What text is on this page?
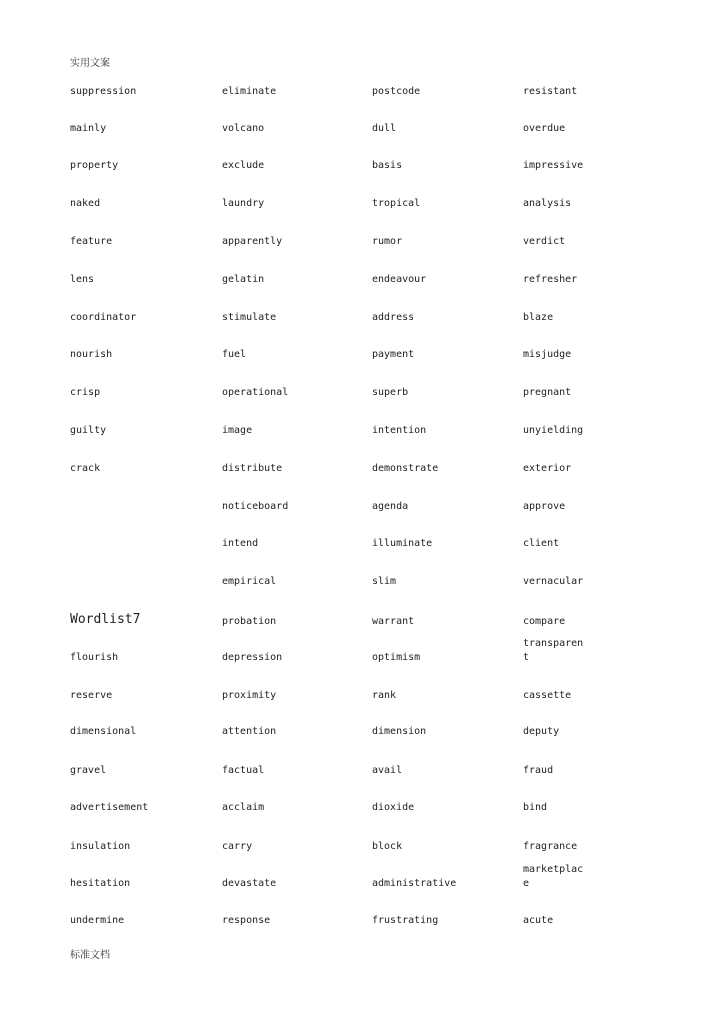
实用文案
Wordlist7
suppression
mainly
property
naked
feature
lens
coordinator
nourish
crisp
guilty
crack
flourish
reserve
dimensional
gravel
advertisement
insulation
hesitation
undermine
eliminate
volcano
exclude
laundry
apparently
gelatin
stimulate
fuel
operational
image
distribute
noticeboard
intend
empirical
probation
depression
proximity
attention
factual
acclaim
carry
devastate
response
postcode
dull
basis
tropical
rumor
endeavour
address
payment
superb
intention
demonstrate
agenda
illuminate
slim
warrant
optimism
rank
dimension
avail
dioxide
block
administrative
frustrating
resistant
overdue
impressive
analysis
verdict
refresher
blaze
misjudge
pregnant
unyielding
exterior
approve
client
vernacular
compare
transparent
cassette
deputy
fraud
bind
fragrance
marketplace
acute
标准文档
